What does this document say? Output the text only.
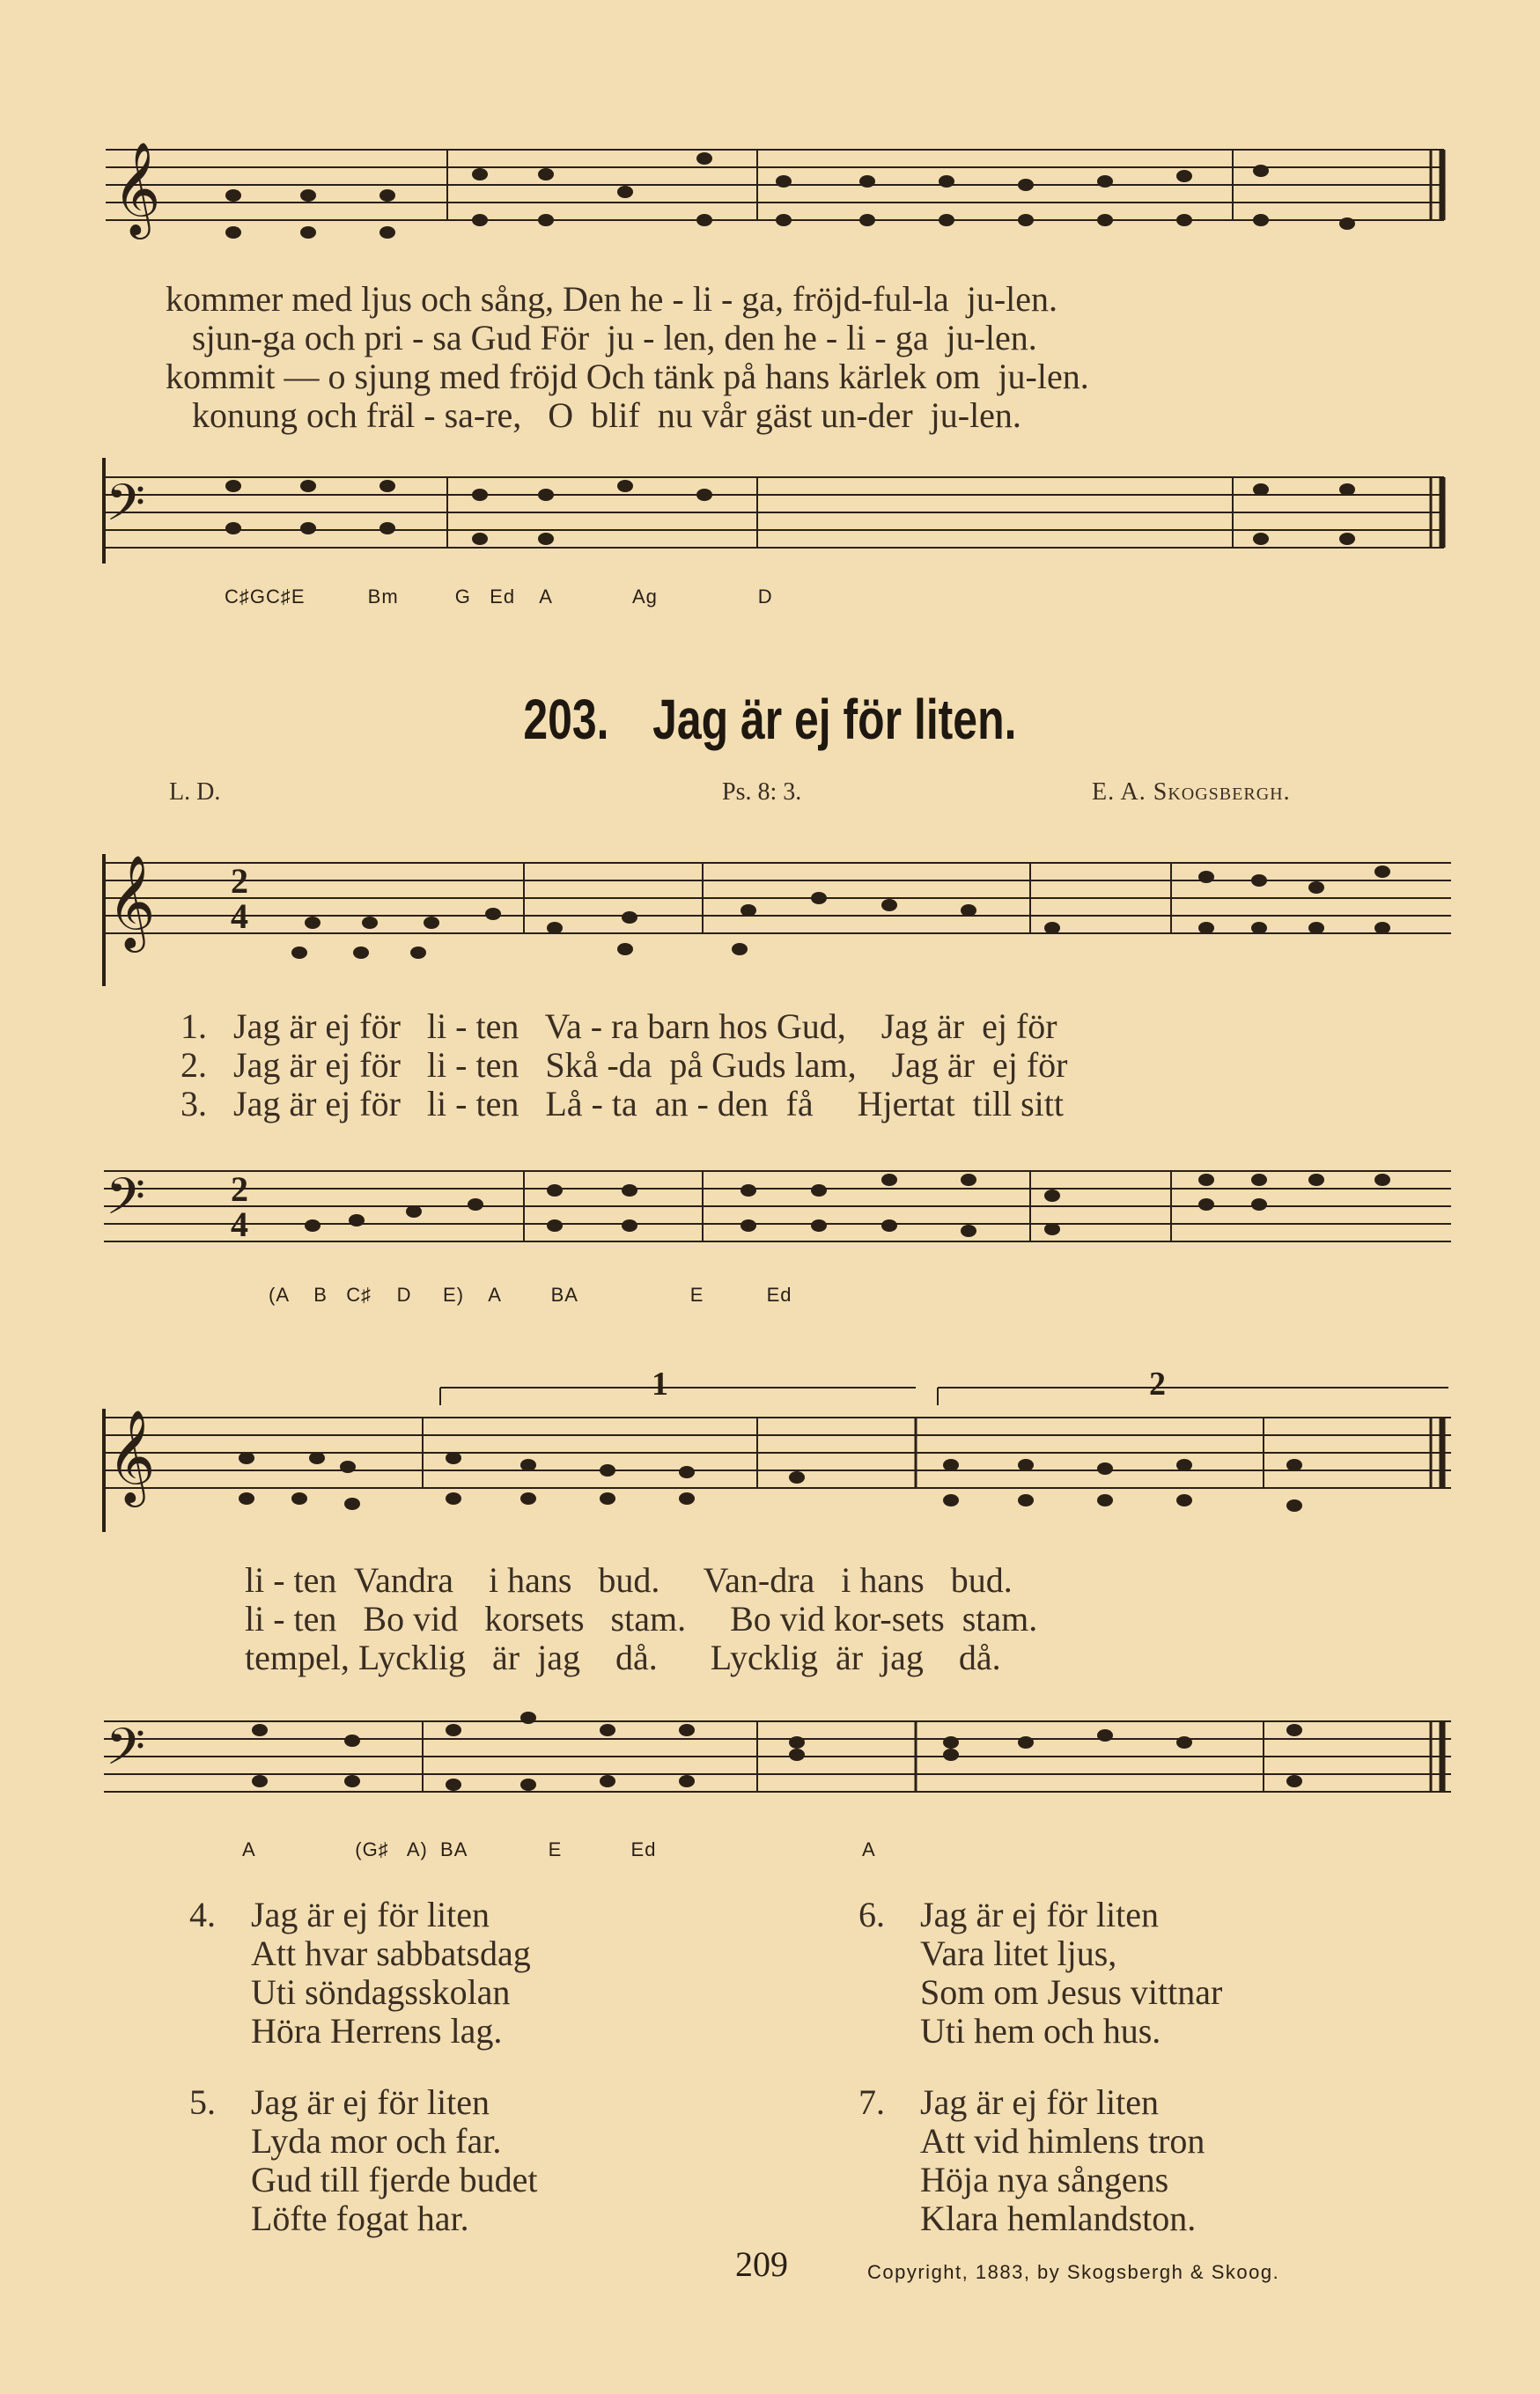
𝄞
kommer med ljus och sång, Den he - li - ga, fröjd-ful-la  ju-len.
sjun-ga och pri - sa Gud För  ju - len, den he - li - ga  ju-len.
kommit — o sjung med fröjd Och tänk på hans kärlek om  ju-len.
konung och fräl - sa-re,   O  blif  nu vår gäst un-der  ju-len.
𝄢
C♯GC♯E          Bm         G   Ed    A             Ag                D
203. Jag är ej för liten.
L. D.	Ps. 8: 3.	E. A. Skogsbergh.
𝄞 2
4
1.   Jag är ej för   li - ten   Va - ra barn hos Gud,    Jag är  ej för
2.   Jag är ej för   li - ten   Skå -da  på Guds lam,    Jag är  ej för
3.   Jag är ej för   li - ten   Lå - ta  an - den  få     Hjertat  till sitt
𝄢 2
4
(A    B   C♯    D     E)    A        BA                  E          Ed
𝄞
1	2
li - ten  Vandra    i hans   bud.     Van-dra   i hans   bud.
li - ten   Bo vid   korsets   stam.     Bo vid kor-sets  stam.
tempel, Lycklig   är  jag    då.      Lycklig  är  jag    då.
𝄢
A                (G♯   A)  BA             E           Ed                                 A
4. Jag är ej för liten
Att hvar sabbatsdag
Uti söndagsskolan
Höra Herrens lag.
5. Jag är ej för liten
Lyda mor och far.
Gud till fjerde budet
Löfte fogat har.
6. Jag är ej för liten
Vara litet ljus,
Som om Jesus vittnar
Uti hem och hus.
7. Jag är ej för liten
Att vid himlens tron
Höja nya sångens
Klara hemlandston.
209	Copyright, 1883, by Skogsbergh & Skoog.
